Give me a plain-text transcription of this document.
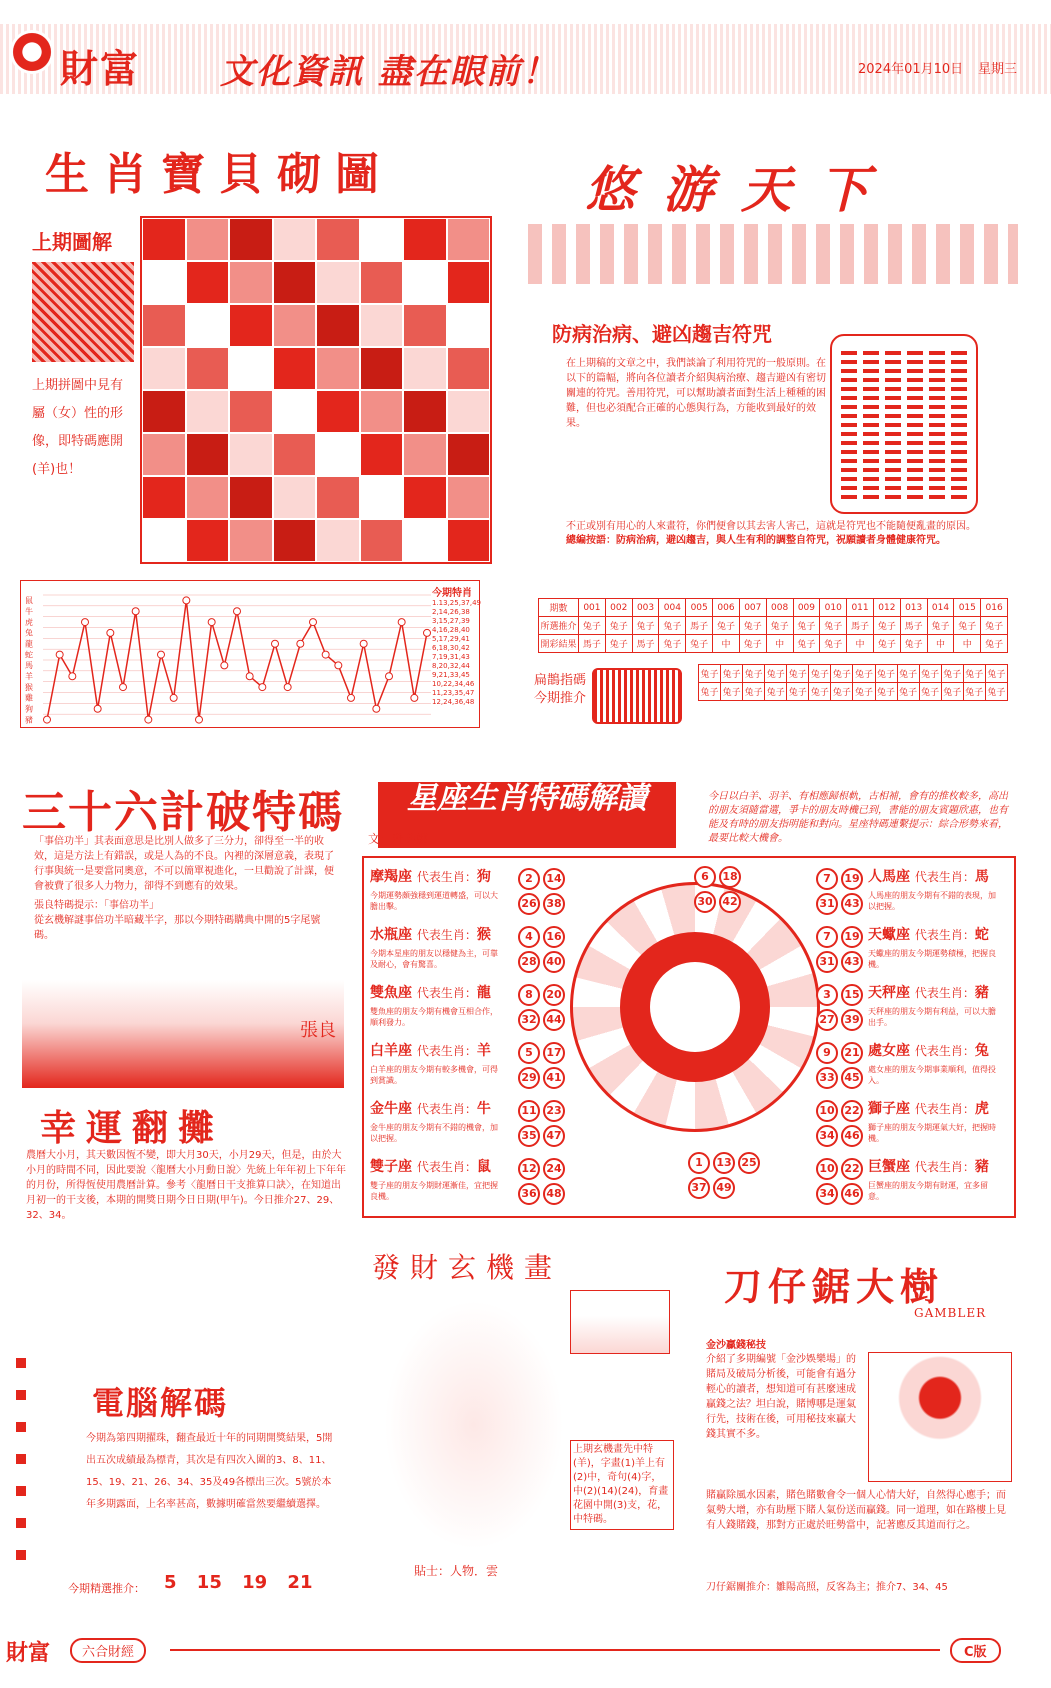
財富 文化資訊 盡在眼前！	2024年01月10日 星期三
生肖寶貝砌圖
上期圖解
上期拼圖中見有屬（女）性的形像，即特碼應開(羊)也！
悠游天下
防病治病、避凶趨吉符咒
在上期稿的文章之中，我們談論了利用符咒的一般原則。在以下的篇幅，將向各位讀者介紹與病治療、趨吉避凶有密切關連的符咒。善用符咒，可以幫助讀者面對生活上種種的困難，但也必須配合正確的心態與行為，方能收到最好的效果。
不正或別有用心的人來畫符，你們便會以其去害人害己，這就是符咒也不能隨便亂畫的原因。
總編按語：防病治病，避凶趨吉，與人生有利的調整自符咒，祝願讀者身體健康符咒。
鼠
牛
虎
兔
龍
蛇
馬
羊
猴
雞
狗
豬
今期特肖
1.13,25,37,49
2,14,26,38
3,15,27,39
4,16,28,40
5,17,29,41
6,18,30,42
7,19,31,43
8,20,32,44
9,21,33,45
10,22,34,46
11,23,35,47
12,24,36,48
期數	001	002	003	004	005	006	007	008	009	010	011	012	013	014	015	016
所選推介	兔子	兔子	兔子	兔子	馬子	兔子	兔子	兔子	兔子	兔子	馬子	兔子	馬子	兔子	兔子	兔子
開彩結果	馬子	兔子	馬子	兔子	兔子	中	兔子	中	兔子	兔子	中	兔子	兔子	中	中	兔子
扁鵲指碼今期推介
兔子	兔子	兔子	兔子	兔子	兔子	兔子	兔子	兔子	兔子	兔子	兔子	兔子	兔子
兔子	兔子	兔子	兔子	兔子	兔子	兔子	兔子	兔子	兔子	兔子	兔子	兔子	兔子
三十六計破特碼
「事倍功半」其表面意思是比別人做多了三分力，卻得至一半的收效，這是方法上有錯誤，或是人為的不良。內裡的深層意義，表現了行事與統一是要當同奧意，不可以簡單視進化，一旦勸說了計謀，便會被費了很多人力物力，卻得不到應有的效果。
張良特碼提示：「事倍功半」
從玄機解謎事倍功半暗藏半字，那以今期特碼購典中開的5字尾號碼。
張良
幸運翻攤
農曆大小月，其天數因恆不變，即大月30天，小月29天，但是，由於大小月的時間不同，因此要說〈龍曆大小月動日說〉先統上年年初上下年年的月份，所得恆使用農曆計算。參考〈龍曆日干支推算口訣〉，在知道出月初一的干支後，本期的開獎日期今日日期(甲午)。今日推介27、29、32、34。
星座生肖特碼解讀
文：雅典娜
今日以白羊、羽羊、有相應歸根軌，古相補，會有的推枚較多，高出的朋友須隨當選，爭卡的朋友時機已到，書能的朋友賓題欣惠，也有能及有時的朋友指明能和對向。星座特碼連繫提示：綜合形勢來看，最要比較大機會。
摩羯座 代表生肖：狗
今期運勢頗強穩到運道轉盛，可以大膽出擊。
2	14
26 38
水瓶座 代表生肖：猴
今期本星座的朋友以穩健為主，可靠及耐心，會有驚喜。
4	16
28 40
雙魚座 代表生肖：龍
雙魚座的朋友今期有機會互相合作，順利發力。
8	20
32 44
白羊座 代表生肖：羊
白羊座的朋友今期有較多機會，可得到賞識。
5	17
29 41
金牛座 代表生肖：牛
金牛座的朋友今期有不錯的機會，加以把握。
11 23
35 47
雙子座 代表生肖：鼠
雙子座的朋友今期財運漸佳，宜把握良機。
12 24
36 48
人馬座 代表生肖：馬
人馬座的朋友今期有不錯的表現，加以把握。
7	19
31 43
天蠍座 代表生肖：蛇
天蠍座的朋友今期運勢積極，把握良機。
7	19
31 43
天秤座 代表生肖：豬
天秤座的朋友今期有利益，可以大膽出手。
3	15
27 39
處女座 代表生肖：兔
處女座的朋友今期事業順利，值得投入。
9	21
33 45
獅子座 代表生肖：虎
獅子座的朋友今期運氣大好，把握時機。
10 22
34 46
巨蟹座 代表生肖：豬
巨蟹座的朋友今期有財運，宜多留意。
10 22
34 46
6	18
30 42
1	13 25
37 49
發財玄機畫
上期玄機畫先中特(羊)，字畫(1)羊上有(2)中，奇句(4)字，中(2)(14)(24)，育畫花園中開(3)支，花，中特碼。
貼士：人物．雲
刀仔鋸大樹
GAMBLER
金沙贏錢秘技
介紹了多期編號「金沙娛樂場」的賭局及破局分析後，可能會有過分輕心的讀者，想知道可有甚麼速成贏錢之法？坦白說，賭博哪是運氣行先，技術在後，可用秘技來贏大錢其實不多。
賭贏除風水因素，賭色賭數會令一個人心情大好，自然得心應手；而氣勢大增，亦有助壓下賭人氣份送而贏錢。同一道理，如在路樓上見有人錢賭錢，那對方正處於旺勢當中，記著應反其道而行之。
刀仔鋸關推介：雛陽高照，反客為主；推介7、34、45
電腦解碼
今期為第四期擢珠，翻查最近十年的同期開獎結果，5開出五次成績最為標青，其次是有四次入圍的3、8、11、15、19、21、26、34、35及49各標出三次。5號於本年多期露面，上名率甚高，數據明確當然要繼續選擇。
今期精選推介： 5 15 19 21
財富	六合財經	C版
